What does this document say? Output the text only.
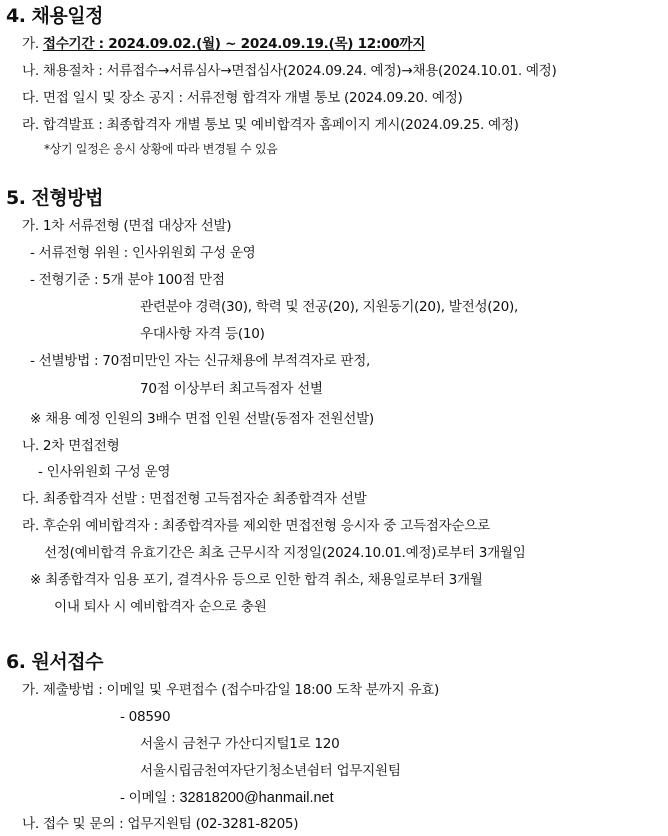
4. 채용일정
가. 접수기간 : 2024.09.02.(월) ~ 2024.09.19.(목) 12:00까지
나. 채용절차 : 서류접수→서류심사→면접심사(2024.09.24. 예정)→채용(2024.10.01. 예정)
다. 면접 일시 및 장소 공지 : 서류전형 합격자 개별 통보 (2024.09.20. 예정)
라. 합격발표 : 최종합격자 개별 통보 및 예비합격자 홈페이지 게시(2024.09.25. 예정)
*상기 일정은 응시 상황에 따라 변경될 수 있음
5. 전형방법
가. 1차 서류전형 (면접 대상자 선발)
- 서류전형 위원 : 인사위원회 구성 운영
- 전형기준 : 5개 분야 100점 만점
관련분야 경력(30), 학력 및 전공(20), 지원동기(20), 발전성(20),
우대사항 자격 등(10)
- 선별방법 : 70점미만인 자는 신규채용에 부적격자로 판정,
70점 이상부터 최고득점자 선별
※ 채용 예정 인원의 3배수 면접 인원 선발(동점자 전원선발)
나. 2차 면접전형
- 인사위원회 구성 운영
다. 최종합격자 선발 : 면접전형 고득점자순 최종합격자 선발
라. 후순위 예비합격자 : 최종합격자를 제외한 면접전형 응시자 중 고득점자순으로
선정(예비합격 유효기간은 최초 근무시작 지정일(2024.10.01.예정)로부터 3개월임
※ 최종합격자 임용 포기, 결격사유 등으로 인한 합격 취소, 채용일로부터 3개월
이내 퇴사 시 예비합격자 순으로 충원
6. 원서접수
가. 제출방법 : 이메일 및 우편접수 (접수마감일 18:00 도착 분까지 유효)
- 08590
서울시 금천구 가산디지털1로 120
서울시립금천여자단기청소년쉼터 업무지원팀
- 이메일 : 32818200@hanmail.net
나. 접수 및 문의 : 업무지원팀 (02-3281-8205)
